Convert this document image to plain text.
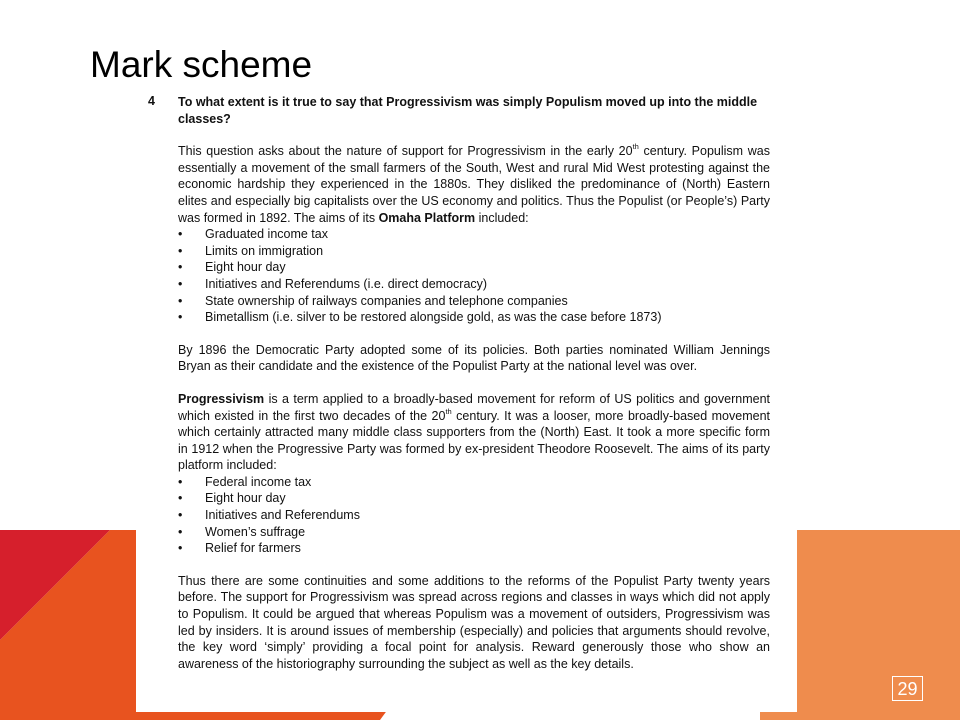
Mark scheme
4 To what extent is it true to say that Progressivism was simply Populism moved up into the middle classes?

This question asks about the nature of support for Progressivism in the early 20th century. Populism was essentially a movement of the small farmers of the South, West and rural Mid West protesting against the economic hardship they experienced in the 1880s. They disliked the predominance of (North) Eastern elites and especially big capitalists over the US economy and politics. Thus the Populist (or People’s) Party was formed in 1892. The aims of its Omaha Platform included:

• Graduated income tax
• Limits on immigration
• Eight hour day
• Initiatives and Referendums (i.e. direct democracy)
• State ownership of railways companies and telephone companies
• Bimetallism (i.e. silver to be restored alongside gold, as was the case before 1873)

By 1896 the Democratic Party adopted some of its policies. Both parties nominated William Jennings Bryan as their candidate and the existence of the Populist Party at the national level was over.

Progressivism is a term applied to a broadly-based movement for reform of US politics and government which existed in the first two decades of the 20th century. It was a looser, more broadly-based movement which certainly attracted many middle class supporters from the (North) East. It took a more specific form in 1912 when the Progressive Party was formed by ex-president Theodore Roosevelt. The aims of its party platform included:

• Federal income tax
• Eight hour day
• Initiatives and Referendums
• Women’s suffrage
• Relief for farmers

Thus there are some continuities and some additions to the reforms of the Populist Party twenty years before. The support for Progressivism was spread across regions and classes in ways which did not apply to Populism. It could be argued that whereas Populism was a movement of outsiders, Progressivism was led by insiders. It is around issues of membership (especially) and policies that arguments should revolve, the key word ‘simply’ providing a focal point for analysis. Reward generously those who show an awareness of the historiography surrounding the subject as well as the key details.

29
